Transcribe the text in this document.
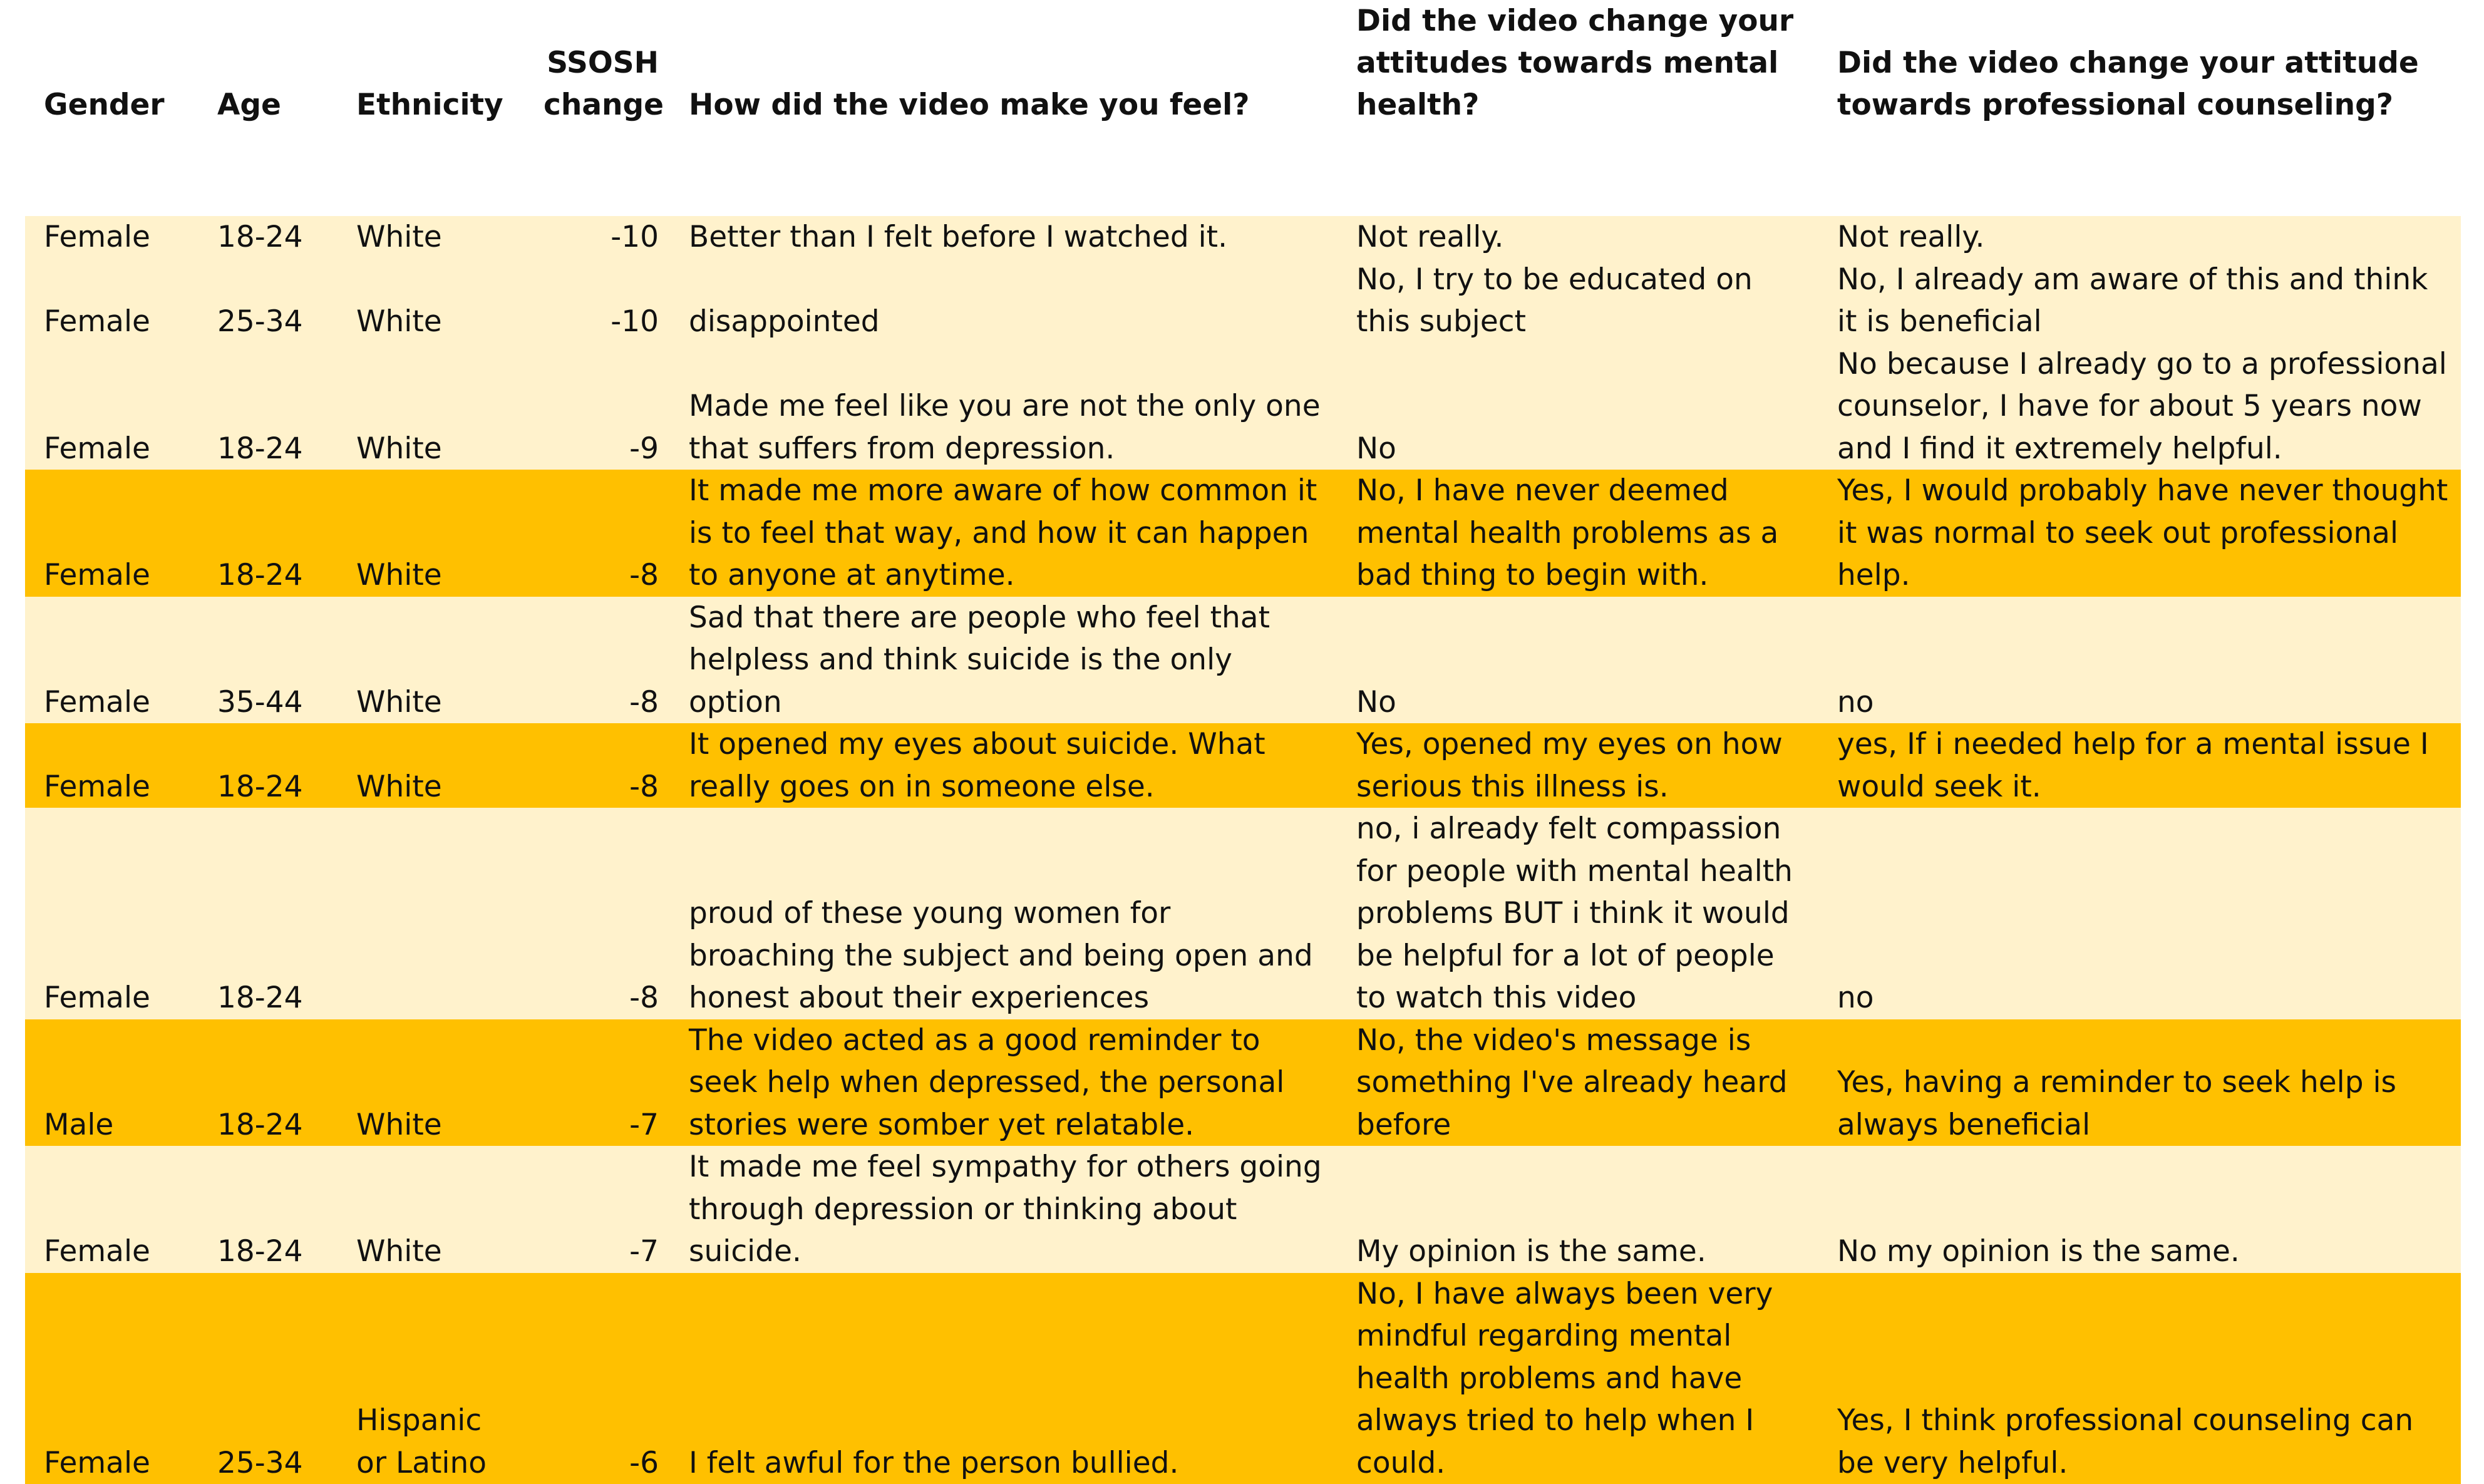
Gender	Age	Ethnicity	SSOSH change	How did the video make you feel?	Did the video change your attitudes towards mental health?	Did the video change your attitude towards professional counseling?

Female	18-24	White	-10	Better than I felt before I watched it.	Not really.	Not really.
Female	25-34	White	-10	disappointed	No, I try to be educated on this subject	No, I already am aware of this and think it is beneficial
Female	18-24	White	-9	Made me feel like you are not the only one that suffers from depression.	No	No because I already go to a professional counselor, I have for about 5 years now and I find it extremely helpful.
Female	18-24	White	-8	It made me more aware of how common it is to feel that way, and how it can happen to anyone at anytime.	No, I have never deemed mental health problems as a bad thing to begin with.	Yes, I would probably have never thought it was normal to seek out professional help.
Female	35-44	White	-8	Sad that there are people who feel that helpless and think suicide is the only option	No	no
Female	18-24	White	-8	It opened my eyes about suicide. What really goes on in someone else.	Yes, opened my eyes on how serious this illness is.	yes, If i needed help for a mental issue I would seek it.
Female	18-24		-8	proud of these young women for broaching the subject and being open and honest about their experiences	no, i already felt compassion for people with mental health problems BUT i think it would be helpful for a lot of people to watch this video	no
Male	18-24	White	-7	The video acted as a good reminder to seek help when depressed, the personal stories were somber yet relatable.	No, the video's message is something I've already heard before	Yes, having a reminder to seek help is always beneficial
Female	18-24	White	-7	It made me feel sympathy for others going through depression or thinking about suicide.	My opinion is the same.	No my opinion is the same.
Female	25-34	Hispanic or Latino	-6	I felt awful for the person bullied.	No, I have always been very mindful regarding mental health problems and have always tried to help when I could.	Yes, I think professional counseling can be very helpful.
